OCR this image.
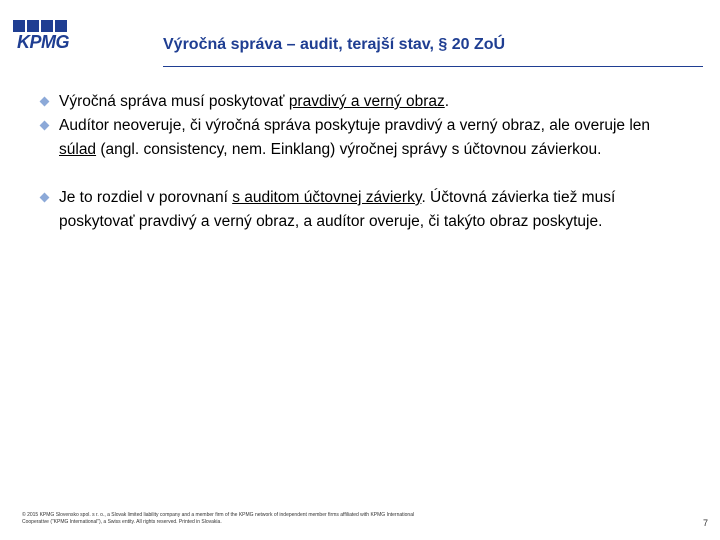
KPMG	Výročná správa – audit, terajší stav, § 20 ZoÚ
Výročná správa musí poskytovať pravdivý a verný obraz.
Audítor neoveruje, či výročná správa poskytuje pravdivý a verný obraz, ale overuje len súlad (angl. consistency, nem. Einklang) výročnej správy s účtovnou závierkou.
Je to rozdiel v porovnaní s auditom účtovnej závierky. Účtovná závierka tiež musí poskytovať pravdivý a verný obraz, a audítor overuje, či takýto obraz poskytuje.
© 2015 KPMG Slovensko spol. s r. o., a Slovak limited liability company and a member firm of the KPMG network of independent member firms affiliated with KPMG International
Cooperative (“KPMG International”), a Swiss entity. All rights reserved. Printed in Slovakia.	7
